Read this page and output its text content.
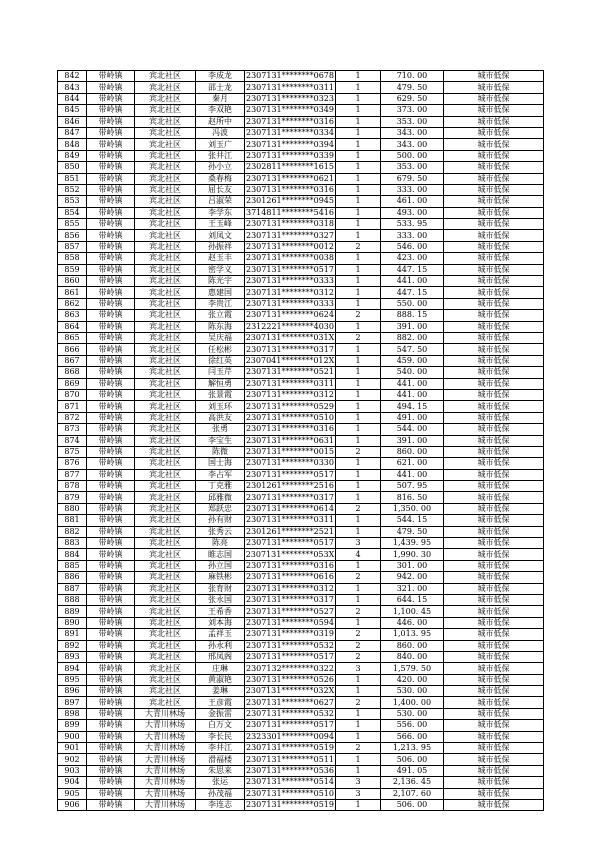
842	带岭镇	宾北社区	李成龙	2307131********0678	1	710. 00	城市低保
843	带岭镇	宾北社区	邵士龙	2307131********0311	1	479. 50	城市低保
844	带岭镇	宾北社区	秦月	2307131********0323	1	629. 50	城市低保
845	带岭镇	宾北社区	李双艳	2307131********0349	1	373. 00	城市低保
846	带岭镇	宾北社区	赵所中	2307131********0316	1	353. 00	城市低保
847	带岭镇	宾北社区	冯波	2307131********0334	1	343. 00	城市低保
848	带岭镇	宾北社区	刘玉广	2307131********0394	1	343. 00	城市低保
849	带岭镇	宾北社区	张井江	2307131********0339	1	500. 00	城市低保
850	带岭镇	宾北社区	孙小立	2302811********1615	1	353. 00	城市低保
851	带岭镇	宾北社区	桑春梅	2307131********0621	1	679. 50	城市低保
852	带岭镇	宾北社区	屈长友	2307131********0316	1	333. 00	城市低保
853	带岭镇	宾北社区	吕淑荣	2301261********0945	1	461. 00	城市低保
854	带岭镇	宾北社区	李学东	3714811********5416	1	493. 00	城市低保
855	带岭镇	宾北社区	王玉峰	2307131********0318	1	533. 95	城市低保
856	带岭镇	宾北社区	刘凤文	2307131********0327	1	333. 00	城市低保
857	带岭镇	宾北社区	孙振祥	2307131********0012	2	546. 00	城市低保
858	带岭镇	宾北社区	赵玉丰	2307131********0038	1	423. 00	城市低保
859	带岭镇	宾北社区	密学义	2307131********0517	1	447. 15	城市低保
860	带岭镇	宾北社区	陈光宇	2307131********0333	1	441. 00	城市低保
861	带岭镇	宾北社区	惠建国	2307131********0312	1	447. 15	城市低保
862	带岭镇	宾北社区	李贵江	2307131********0333	1	550. 00	城市低保
863	带岭镇	宾北社区	张立霞	2307131********0624	2	888. 15	城市低保
864	带岭镇	宾北社区	陈东海	2312221********4030	1	391. 00	城市低保
865	带岭镇	宾北社区	吴庆福	2307131********031X	2	882. 00	城市低保
866	带岭镇	宾北社区	任松彬	2307131********0317	1	547. 50	城市低保
867	带岭镇	宾北社区	徐红英	2307041********012X	1	459. 00	城市低保
868	带岭镇	宾北社区	闫玉芹	2307131********0521	1	540. 00	城市低保
869	带岭镇	宾北社区	解恒勇	2307131********0311	1	441. 00	城市低保
870	带岭镇	宾北社区	张景霞	2307131********0312	1	441. 00	城市低保
871	带岭镇	宾北社区	刘玉环	2307131********0529	1	494. 15	城市低保
872	带岭镇	宾北社区	高洪友	2307131********0510	1	491. 00	城市低保
873	带岭镇	宾北社区	张勇	2307131********0316	1	544. 00	城市低保
874	带岭镇	宾北社区	李宝生	2307131********0631	1	391. 00	城市低保
875	带岭镇	宾北社区	陈微	2307131********0015	2	860. 00	城市低保
876	带岭镇	宾北社区	国士海	2307131********0330	1	621. 00	城市低保
877	带岭镇	宾北社区	李占军	2307131********0517	1	441. 00	城市低保
878	带岭镇	宾北社区	丁克雅	2301261********2516	1	507. 95	城市低保
879	带岭镇	宾北社区	邱雅微	2307131********0317	1	816. 50	城市低保
880	带岭镇	宾北社区	郑跃忠	2307131********0614	2	1,350. 00	城市低保
881	带岭镇	宾北社区	孙有财	2307131********0311	1	544. 15	城市低保
882	带岭镇	宾北社区	张秀云	2301261********2521	1	479. 50	城市低保
883	带岭镇	宾北社区	陈亮	2307131********0517	3	1,439. 95	城市低保
884	带岭镇	宾北社区	睢志国	2307131********053X	4	1,990. 30	城市低保
885	带岭镇	宾北社区	孙立国	2307131********0316	1	301. 00	城市低保
886	带岭镇	宾北社区	麻铁彬	2307131********0616	2	942. 00	城市低保
887	带岭镇	宾北社区	张育财	2307131********0312	1	321. 00	城市低保
888	带岭镇	宾北社区	张永国	2307131********0317	1	644. 15	城市低保
889	带岭镇	宾北社区	王希香	2307131********0527	2	1,100. 45	城市低保
890	带岭镇	宾北社区	刘本海	2307131********0594	1	446. 00	城市低保
891	带岭镇	宾北社区	孟祥玉	2307131********0319	2	1,013. 95	城市低保
892	带岭镇	宾北社区	孙永利	2307131********0532	2	860. 00	城市低保
893	带岭镇	宾北社区	邢凤阁	2307131********0517	2	840. 00	城市低保
894	带岭镇	宾北社区	庄琳	2307132********0322	3	1,579. 50	城市低保
895	带岭镇	宾北社区	黄淑艳	2307131********0526	1	420. 00	城市低保
896	带岭镇	宾北社区	姜琳	2307131********032X	1	530. 00	城市低保
897	带岭镇	宾北社区	王彦霞	2307131********0627	2	1,400. 00	城市低保
898	带岭镇	大青川林场	金振雷	2307131********0532	1	530. 00	城市低保
899	带岭镇	大青川林场	白万文	2307131********0517	1	556. 00	城市低保
900	带岭镇	大青川林场	李长民	2323301********0094	1	566. 00	城市低保
901	带岭镇	大青川林场	李井江	2307131********0519	2	1,213. 95	城市低保
902	带岭镇	大青川林场	滑福楼	2307131********0511	1	506. 00	城市低保
903	带岭镇	大青川林场	朱思来	2307131********0536	1	491. 05	城市低保
904	带岭镇	大青川林场	张运	2307131********0514	3	2,136. 45	城市低保
905	带岭镇	大青川林场	孙茂福	2307131********0510	3	2,107. 60	城市低保
906	带岭镇	大青川林场	李连志	2307131********0519	1	506. 00	城市低保
